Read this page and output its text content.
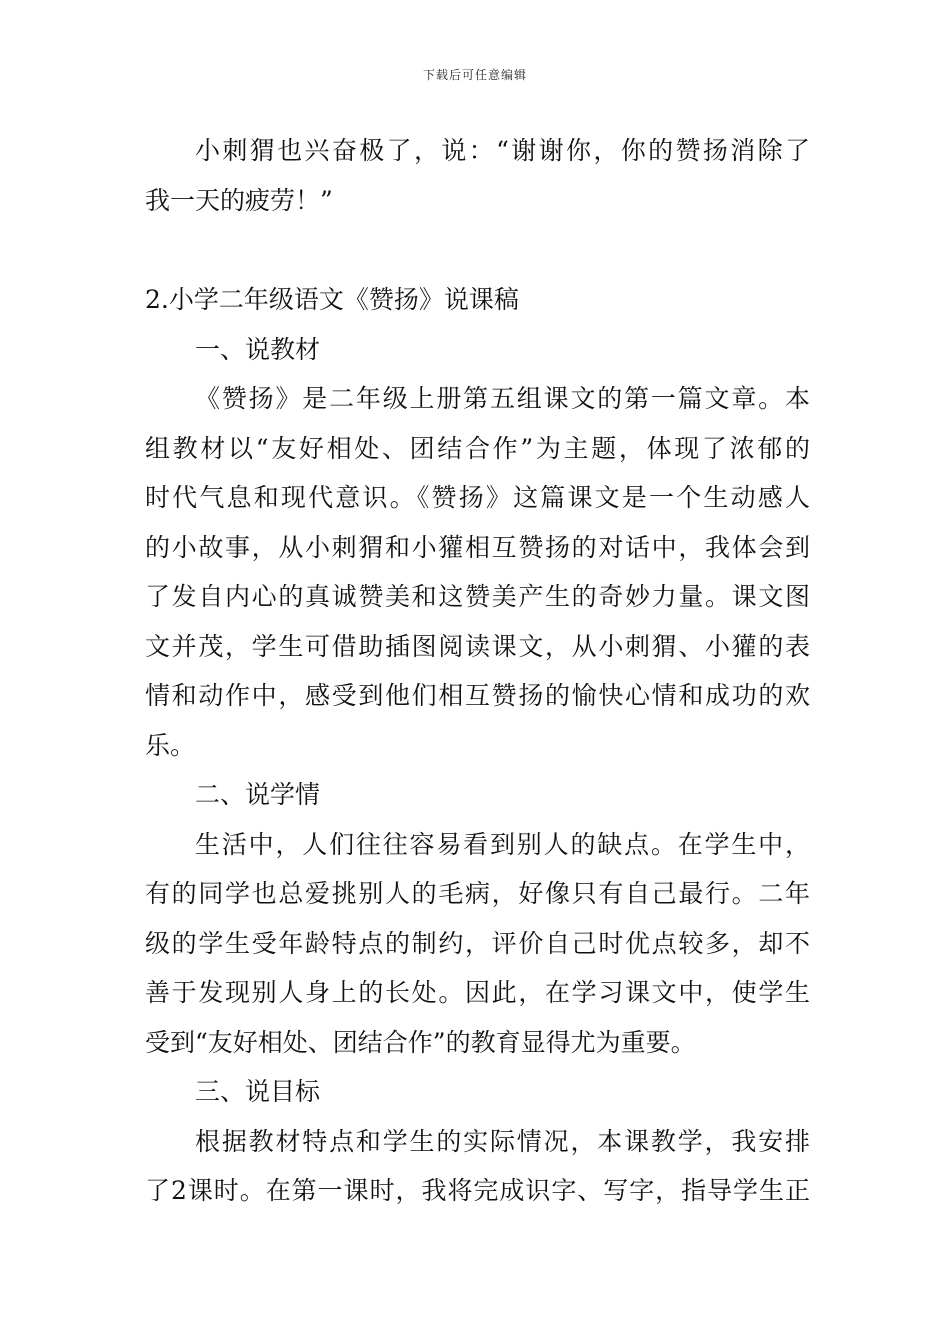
下载后可任意编辑
小刺猬也兴奋极了，说：“谢谢你，你的赞扬消除了
我一天的疲劳！”
2.小学二年级语文《赞扬》说课稿
一、说教材
《赞扬》是二年级上册第五组课文的第一篇文章。本
组教材以“友好相处、团结合作”为主题，体现了浓郁的
时代气息和现代意识。《赞扬》这篇课文是一个生动感人
的小故事，从小刺猬和小獾相互赞扬的对话中，我体会到
了发自内心的真诚赞美和这赞美产生的奇妙力量。课文图
文并茂，学生可借助插图阅读课文，从小刺猬、小獾的表
情和动作中，感受到他们相互赞扬的愉快心情和成功的欢
乐。
二、说学情
生活中，人们往往容易看到别人的缺点。在学生中，
有的同学也总爱挑别人的毛病，好像只有自己最行。二年
级的学生受年龄特点的制约，评价自己时优点较多，却不
善于发现别人身上的长处。因此，在学习课文中，使学生
受到“友好相处、团结合作”的教育显得尤为重要。
三、说目标
根据教材特点和学生的实际情况，本课教学，我安排
了2课时。在第一课时，我将完成识字、写字，指导学生正
